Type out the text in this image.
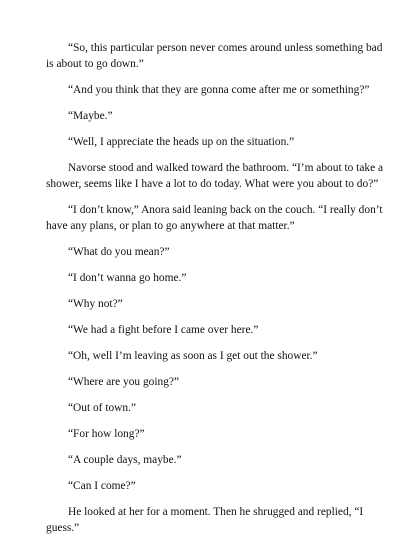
“So, this particular person never comes around unless something bad is about to go down.”

“And you think that they are gonna come after me or something?”

“Maybe.”

“Well, I appreciate the heads up on the situation.”

Navorse stood and walked toward the bathroom. “I’m about to take a shower, seems like I have a lot to do today. What were you about to do?”

“I don’t know,” Anora said leaning back on the couch. “I really don’t have any plans, or plan to go anywhere at that matter.”

“What do you mean?”

“I don’t wanna go home.”

“Why not?”

“We had a fight before I came over here.”

“Oh, well I’m leaving as soon as I get out the shower.”

“Where are you going?”

“Out of town.”

“For how long?”

“A couple days, maybe.”

“Can I come?”

He looked at her for a moment. Then he shrugged and replied, “I guess.”
